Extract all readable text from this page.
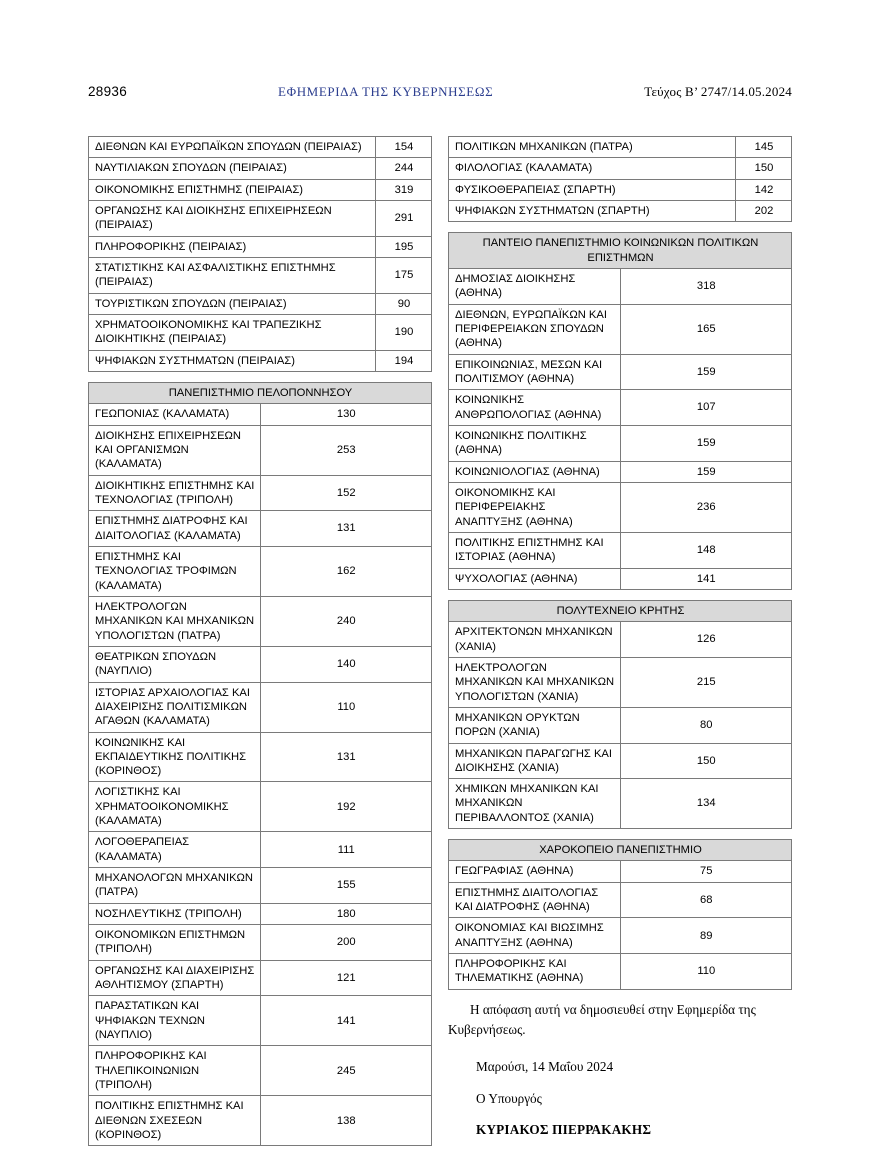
28936	ΕΦΗΜΕΡΙΔΑ ΤΗΣ ΚΥΒΕΡΝΗΣΕΩΣ	Τεύχος Β’ 2747/14.05.2024
ΔΙΕΘΝΩΝ ΚΑΙ ΕΥΡΩΠΑΪΚΩΝ ΣΠΟΥΔΩΝ (ΠΕΙΡΑΙΑΣ)	154
ΝΑΥΤΙΛΙΑΚΩΝ ΣΠΟΥΔΩΝ (ΠΕΙΡΑΙΑΣ)	244
ΟΙΚΟΝΟΜΙΚΗΣ ΕΠΙΣΤΗΜΗΣ (ΠΕΙΡΑΙΑΣ)	319
ΟΡΓΑΝΩΣΗΣ ΚΑΙ ΔΙΟΙΚΗΣΗΣ ΕΠΙΧΕΙΡΗΣΕΩΝ (ΠΕΙΡΑΙΑΣ)	291
ΠΛΗΡΟΦΟΡΙΚΗΣ (ΠΕΙΡΑΙΑΣ)	195
ΣΤΑΤΙΣΤΙΚΗΣ ΚΑΙ ΑΣΦΑΛΙΣΤΙΚΗΣ ΕΠΙΣΤΗΜΗΣ (ΠΕΙΡΑΙΑΣ)	175
ΤΟΥΡΙΣΤΙΚΩΝ ΣΠΟΥΔΩΝ (ΠΕΙΡΑΙΑΣ)	90
ΧΡΗΜΑΤΟΟΙΚΟΝΟΜΙΚΗΣ ΚΑΙ ΤΡΑΠΕΖΙΚΗΣ ΔΙΟΙΚΗΤΙΚΗΣ (ΠΕΙΡΑΙΑΣ)	190
ΨΗΦΙΑΚΩΝ ΣΥΣΤΗΜΑΤΩΝ (ΠΕΙΡΑΙΑΣ)	194
ΠΑΝΕΠΙΣΤΗΜΙΟ ΠΕΛΟΠΟΝΝΗΣΟΥ	
ΓΕΩΠΟΝΙΑΣ (ΚΑΛΑΜΑΤΑ)	130
ΔΙΟΙΚΗΣΗΣ ΕΠΙΧΕΙΡΗΣΕΩΝ ΚΑΙ ΟΡΓΑΝΙΣΜΩΝ (ΚΑΛΑΜΑΤΑ)	253
ΔΙΟΙΚΗΤΙΚΗΣ ΕΠΙΣΤΗΜΗΣ ΚΑΙ ΤΕΧΝΟΛΟΓΙΑΣ (ΤΡΙΠΟΛΗ)	152
ΕΠΙΣΤΗΜΗΣ ΔΙΑΤΡΟΦΗΣ ΚΑΙ ΔΙΑΙΤΟΛΟΓΙΑΣ (ΚΑΛΑΜΑΤΑ)	131
ΕΠΙΣΤΗΜΗΣ ΚΑΙ ΤΕΧΝΟΛΟΓΙΑΣ ΤΡΟΦΙΜΩΝ (ΚΑΛΑΜΑΤΑ)	162
ΗΛΕΚΤΡΟΛΟΓΩΝ ΜΗΧΑΝΙΚΩΝ ΚΑΙ ΜΗΧΑΝΙΚΩΝ ΥΠΟΛΟΓΙΣΤΩΝ (ΠΑΤΡΑ)	240
ΘΕΑΤΡΙΚΩΝ ΣΠΟΥΔΩΝ (ΝΑΥΠΛΙΟ)	140
ΙΣΤΟΡΙΑΣ ΑΡΧΑΙΟΛΟΓΙΑΣ ΚΑΙ ΔΙΑΧΕΙΡΙΣΗΣ ΠΟΛΙΤΙΣΜΙΚΩΝ ΑΓΑΘΩΝ (ΚΑΛΑΜΑΤΑ)	110
ΚΟΙΝΩΝΙΚΗΣ ΚΑΙ ΕΚΠΑΙΔΕΥΤΙΚΗΣ ΠΟΛΙΤΙΚΗΣ (ΚΟΡΙΝΘΟΣ)	131
ΛΟΓΙΣΤΙΚΗΣ ΚΑΙ ΧΡΗΜΑΤΟΟΙΚΟΝΟΜΙΚΗΣ (ΚΑΛΑΜΑΤΑ)	192
ΛΟΓΟΘΕΡΑΠΕΙΑΣ (ΚΑΛΑΜΑΤΑ)	111
ΜΗΧΑΝΟΛΟΓΩΝ ΜΗΧΑΝΙΚΩΝ (ΠΑΤΡΑ)	155
ΝΟΣΗΛΕΥΤΙΚΗΣ (ΤΡΙΠΟΛΗ)	180
ΟΙΚΟΝΟΜΙΚΩΝ ΕΠΙΣΤΗΜΩΝ (ΤΡΙΠΟΛΗ)	200
ΟΡΓΑΝΩΣΗΣ ΚΑΙ ΔΙΑΧΕΙΡΙΣΗΣ ΑΘΛΗΤΙΣΜΟΥ (ΣΠΑΡΤΗ)	121
ΠΑΡΑΣΤΑΤΙΚΩΝ ΚΑΙ ΨΗΦΙΑΚΩΝ ΤΕΧΝΩΝ (ΝΑΥΠΛΙΟ)	141
ΠΛΗΡΟΦΟΡΙΚΗΣ ΚΑΙ ΤΗΛΕΠΙΚΟΙΝΩΝΙΩΝ (ΤΡΙΠΟΛΗ)	245
ΠΟΛΙΤΙΚΗΣ ΕΠΙΣΤΗΜΗΣ ΚΑΙ ΔΙΕΘΝΩΝ ΣΧΕΣΕΩΝ (ΚΟΡΙΝΘΟΣ)	138
ΠΟΛΙΤΙΚΩΝ ΜΗΧΑΝΙΚΩΝ (ΠΑΤΡΑ)	145
ΦΙΛΟΛΟΓΙΑΣ (ΚΑΛΑΜΑΤΑ)	150
ΦΥΣΙΚΟΘΕΡΑΠΕΙΑΣ (ΣΠΑΡΤΗ)	142
ΨΗΦΙΑΚΩΝ ΣΥΣΤΗΜΑΤΩΝ (ΣΠΑΡΤΗ)	202
ΠΑΝΤΕΙΟ ΠΑΝΕΠΙΣΤΗΜΙΟ ΚΟΙΝΩΝΙΚΩΝ ΠΟΛΙΤΙΚΩΝ ΕΠΙΣΤΗΜΩΝ	
ΔΗΜΟΣΙΑΣ ΔΙΟΙΚΗΣΗΣ (ΑΘΗΝΑ)	318
ΔΙΕΘΝΩΝ, ΕΥΡΩΠΑΪΚΩΝ ΚΑΙ ΠΕΡΙΦΕΡΕΙΑΚΩΝ ΣΠΟΥΔΩΝ (ΑΘΗΝΑ)	165
ΕΠΙΚΟΙΝΩΝΙΑΣ, ΜΕΣΩΝ ΚΑΙ ΠΟΛΙΤΙΣΜΟΥ (ΑΘΗΝΑ)	159
ΚΟΙΝΩΝΙΚΗΣ ΑΝΘΡΩΠΟΛΟΓΙΑΣ (ΑΘΗΝΑ)	107
ΚΟΙΝΩΝΙΚΗΣ ΠΟΛΙΤΙΚΗΣ (ΑΘΗΝΑ)	159
ΚΟΙΝΩΝΙΟΛΟΓΙΑΣ (ΑΘΗΝΑ)	159
ΟΙΚΟΝΟΜΙΚΗΣ ΚΑΙ ΠΕΡΙΦΕΡΕΙΑΚΗΣ ΑΝΑΠΤΥΞΗΣ (ΑΘΗΝΑ)	236
ΠΟΛΙΤΙΚΗΣ ΕΠΙΣΤΗΜΗΣ ΚΑΙ ΙΣΤΟΡΙΑΣ (ΑΘΗΝΑ)	148
ΨΥΧΟΛΟΓΙΑΣ (ΑΘΗΝΑ)	141
ΠΟΛΥΤΕΧΝΕΙΟ ΚΡΗΤΗΣ	
ΑΡΧΙΤΕΚΤΟΝΩΝ ΜΗΧΑΝΙΚΩΝ (ΧΑΝΙΑ)	126
ΗΛΕΚΤΡΟΛΟΓΩΝ ΜΗΧΑΝΙΚΩΝ ΚΑΙ ΜΗΧΑΝΙΚΩΝ ΥΠΟΛΟΓΙΣΤΩΝ (ΧΑΝΙΑ)	215
ΜΗΧΑΝΙΚΩΝ ΟΡΥΚΤΩΝ ΠΟΡΩΝ (ΧΑΝΙΑ)	80
ΜΗΧΑΝΙΚΩΝ ΠΑΡΑΓΩΓΗΣ ΚΑΙ ΔΙΟΙΚΗΣΗΣ (ΧΑΝΙΑ)	150
ΧΗΜΙΚΩΝ ΜΗΧΑΝΙΚΩΝ ΚΑΙ ΜΗΧΑΝΙΚΩΝ ΠΕΡΙΒΑΛΛΟΝΤΟΣ (ΧΑΝΙΑ)	134
ΧΑΡΟΚΟΠΕΙΟ ΠΑΝΕΠΙΣΤΗΜΙΟ	
ΓΕΩΓΡΑΦΙΑΣ (ΑΘΗΝΑ)	75
ΕΠΙΣΤΗΜΗΣ ΔΙΑΙΤΟΛΟΓΙΑΣ ΚΑΙ ΔΙΑΤΡΟΦΗΣ (ΑΘΗΝΑ)	68
ΟΙΚΟΝΟΜΙΑΣ ΚΑΙ ΒΙΩΣΙΜΗΣ ΑΝΑΠΤΥΞΗΣ (ΑΘΗΝΑ)	89
ΠΛΗΡΟΦΟΡΙΚΗΣ ΚΑΙ ΤΗΛΕΜΑΤΙΚΗΣ (ΑΘΗΝΑ)	110

Η απόφαση αυτή να δημοσιευθεί στην Εφημερίδα της Κυβερνήσεως.

Μαρούσι, 14 Μαΐου 2024

Ο Υπουργός

ΚΥΡΙΑΚΟΣ ΠΙΕΡΡΑΚΑΚΗΣ
